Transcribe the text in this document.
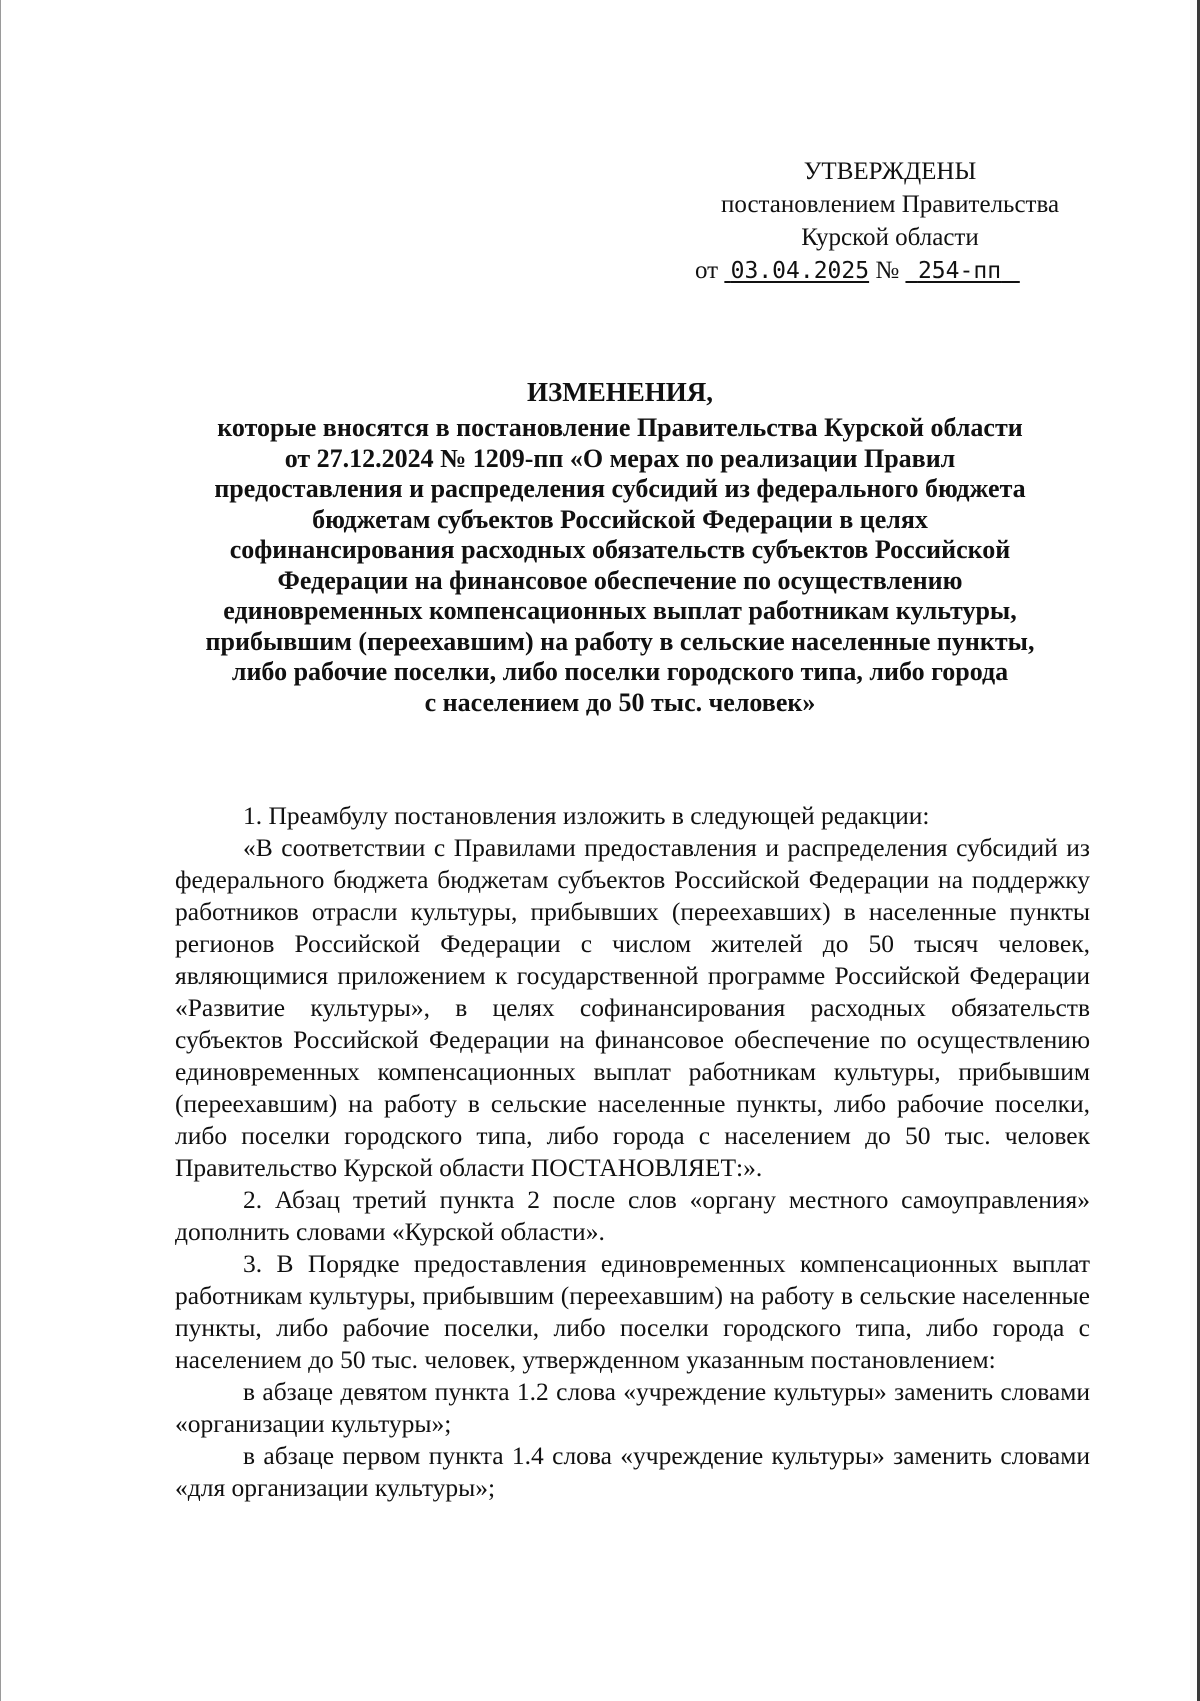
УТВЕРЖДЕНЫ
постановлением Правительства
Курской области
от 03.04.2025 № 254-пп
ИЗМЕНЕНИЯ,
которые вносятся в постановление Правительства Курской области
от 27.12.2024 № 1209-пп «О мерах по реализации Правил
предоставления и распределения субсидий из федерального бюджета
бюджетам субъектов Российской Федерации в целях
софинансирования расходных обязательств субъектов Российской
Федерации на финансовое обеспечение по осуществлению
единовременных компенсационных выплат работникам культуры,
прибывшим (переехавшим) на работу в сельские населенные пункты,
либо рабочие поселки, либо поселки городского типа, либо города
с населением до 50 тыс. человек»

1. Преамбулу постановления изложить в следующей редакции:

«В соответствии с Правилами предоставления и распределения субсидий из федерального бюджета бюджетам субъектов Российской Федерации на поддержку работников отрасли культуры, прибывших (переехавших) в населенные пункты регионов Российской Федерации с числом жителей до 50 тысяч человек, являющимися приложением к государственной программе Российской Федерации «Развитие культуры», в целях софинансирования расходных обязательств субъектов Российской Федерации на финансовое обеспечение по осуществлению единовременных компенсационных выплат работникам культуры, прибывшим (переехавшим) на работу в сельские населенные пункты, либо рабочие поселки, либо поселки городского типа, либо города с населением до 50 тыс. человек Правительство Курской области ПОСТАНОВЛЯЕТ:».

2. Абзац третий пункта 2 после слов «органу местного самоуправления» дополнить словами «Курской области».

3. В Порядке предоставления единовременных компенсационных выплат работникам культуры, прибывшим (переехавшим) на работу в сельские населенные пункты, либо рабочие поселки, либо поселки городского типа, либо города с населением до 50 тыс. человек, утвержденном указанным постановлением:

в абзаце девятом пункта 1.2 слова «учреждение культуры» заменить словами «организации культуры»;

в абзаце первом пункта 1.4 слова «учреждение культуры» заменить словами «для организации культуры»;
